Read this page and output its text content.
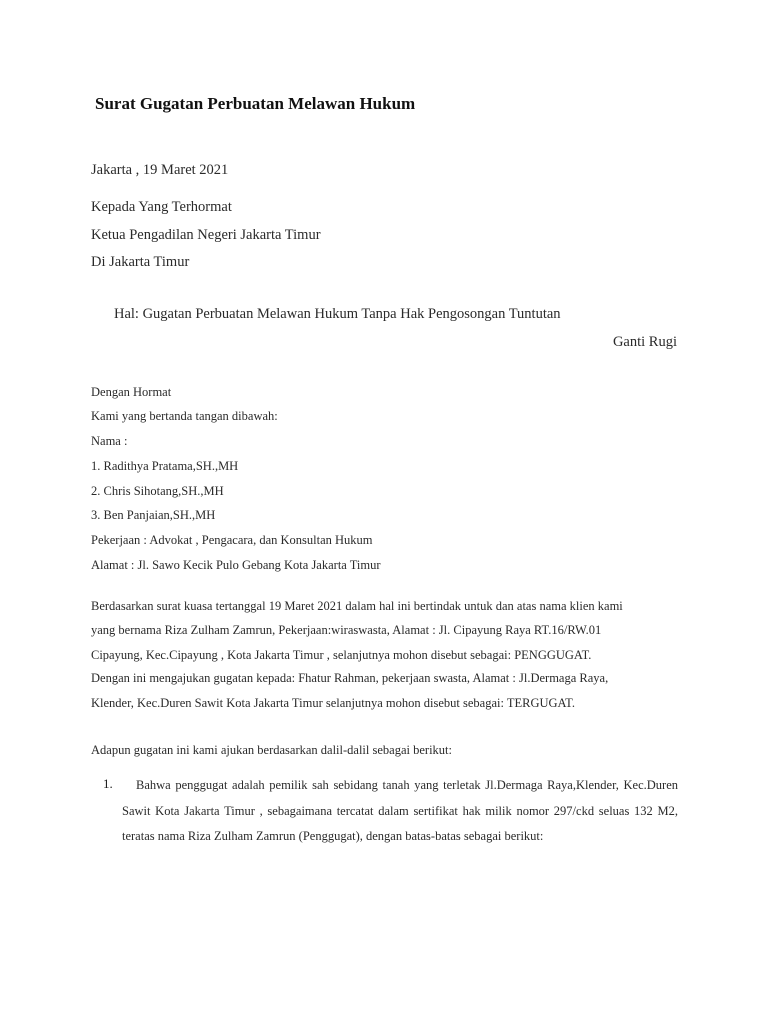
Surat Gugatan Perbuatan Melawan Hukum
Jakarta , 19 Maret 2021
Kepada Yang Terhormat
Ketua Pengadilan Negeri Jakarta Timur
Di Jakarta Timur
Hal: Gugatan Perbuatan Melawan Hukum Tanpa Hak Pengosongan Tuntutan
Ganti Rugi
Dengan Hormat
Kami yang bertanda tangan dibawah:
Nama :
1. Radithya Pratama,SH.,MH
2. Chris Sihotang,SH.,MH
3. Ben Panjaian,SH.,MH
Pekerjaan : Advokat , Pengacara, dan Konsultan Hukum
Alamat : Jl. Sawo Kecik Pulo Gebang Kota Jakarta Timur
Berdasarkan surat kuasa tertanggal 19 Maret 2021 dalam hal ini bertindak untuk dan atas nama klien kami
yang bernama Riza Zulham Zamrun, Pekerjaan:wiraswasta, Alamat : Jl. Cipayung Raya RT.16/RW.01
Cipayung, Kec.Cipayung , Kota Jakarta Timur , selanjutnya mohon disebut sebagai: PENGGUGAT.
Dengan ini mengajukan gugatan kepada: Fhatur Rahman, pekerjaan swasta, Alamat : Jl.Dermaga Raya,
Klender, Kec.Duren Sawit Kota Jakarta Timur selanjutnya mohon disebut sebagai: TERGUGAT.
Adapun gugatan ini kami ajukan berdasarkan dalil-dalil sebagai berikut:
1.	Bahwa penggugat adalah pemilik sah sebidang tanah yang terletak Jl.Dermaga Raya,Klender, Kec.Duren Sawit Kota Jakarta Timur , sebagaimana tercatat dalam sertifikat hak milik nomor 297/ckd seluas 132 M2, teratas nama Riza Zulham Zamrun (Penggugat), dengan batas-batas sebagai berikut:
